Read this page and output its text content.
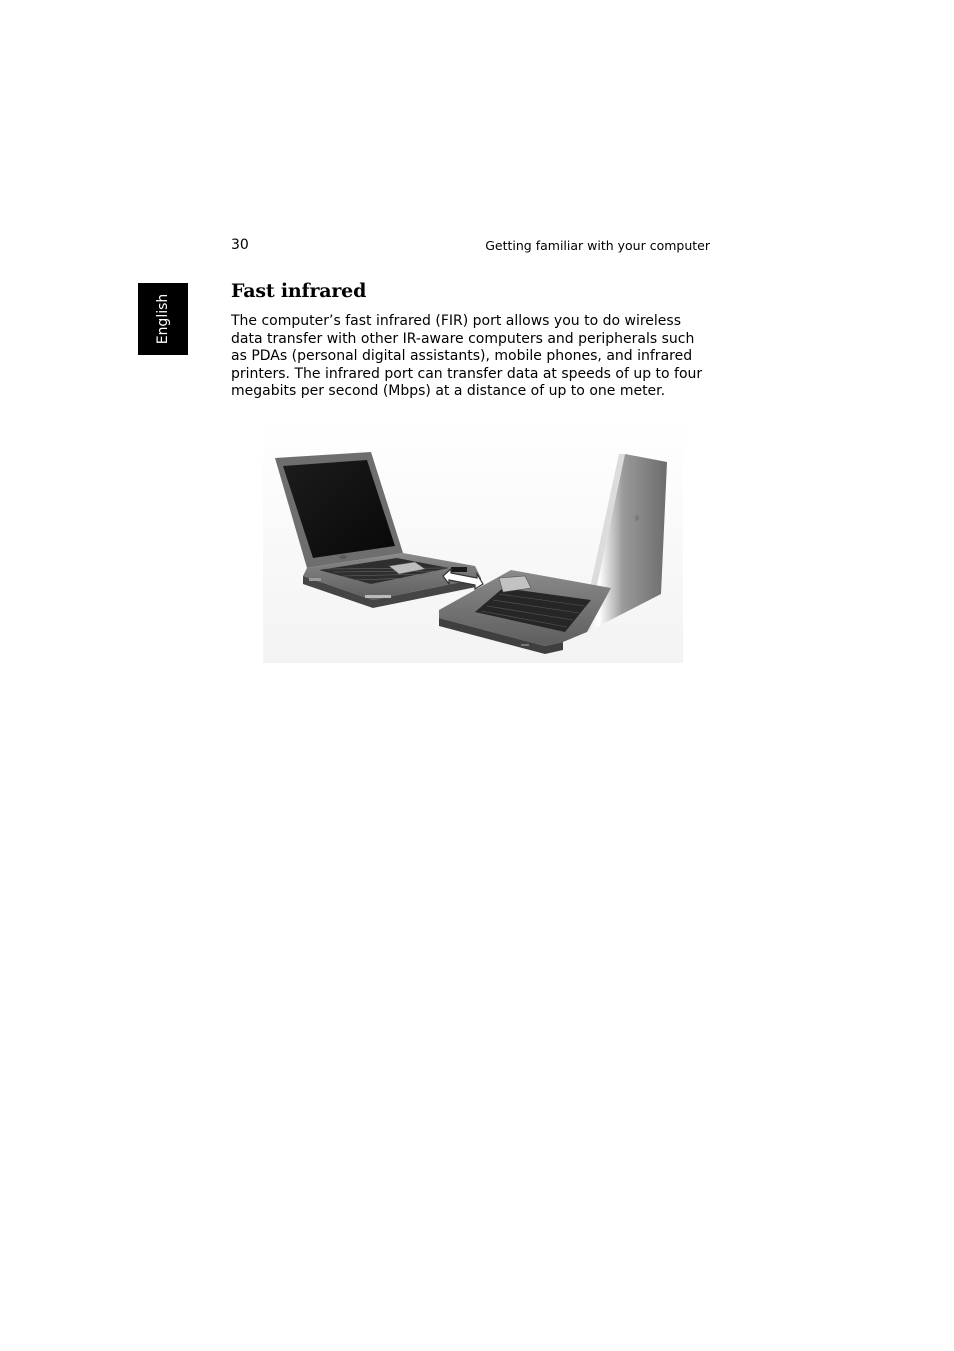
30	Getting familiar with your computer
English
Fast infrared

The computer’s fast infrared (FIR) port allows you to do wireless data transfer with other IR-aware computers and peripherals such as PDAs (personal digital assistants), mobile phones, and infrared printers. The infrared port can transfer data at speeds of up to four megabits per second (Mbps) at a distance of up to one meter.
